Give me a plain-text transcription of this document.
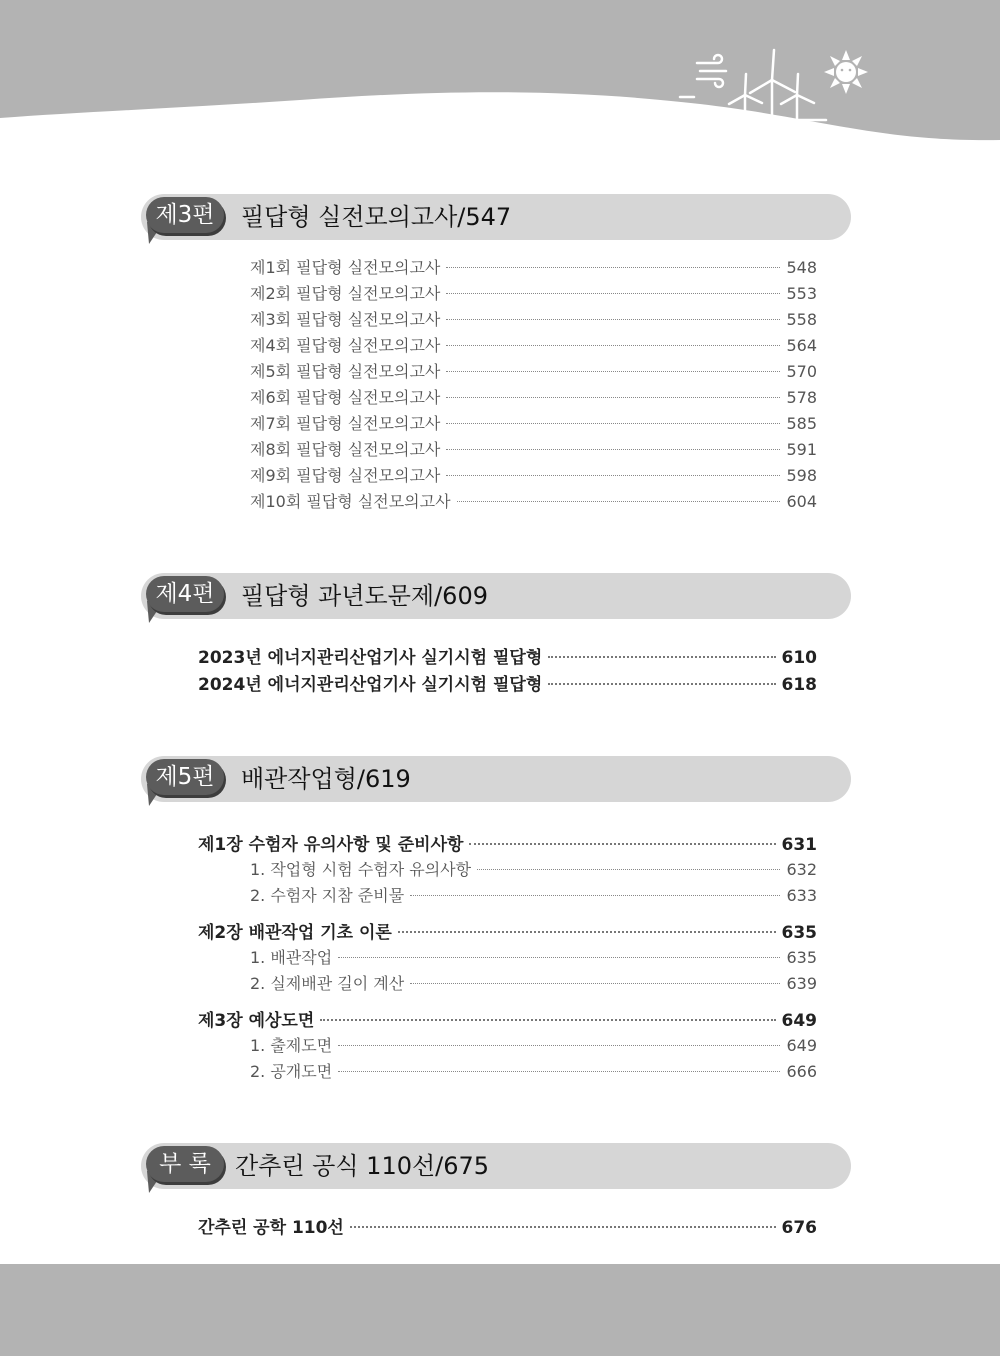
제3편	필답형 실전모의고사/547
제1회 필답형 실전모의고사	548
제2회 필답형 실전모의고사	553
제3회 필답형 실전모의고사	558
제4회 필답형 실전모의고사	564
제5회 필답형 실전모의고사	570
제6회 필답형 실전모의고사	578
제7회 필답형 실전모의고사	585
제8회 필답형 실전모의고사	591
제9회 필답형 실전모의고사	598
제10회 필답형 실전모의고사	604
제4편	필답형 과년도문제/609
2023년 에너지관리산업기사 실기시험 필답형	610
2024년 에너지관리산업기사 실기시험 필답형	618
제5편	배관작업형/619
제1장 수험자 유의사항 및 준비사항	631
1. 작업형 시험 수험자 유의사항	632
2. 수험자 지참 준비물	633
제2장 배관작업 기초 이론	635
1. 배관작업	635
2. 실제배관 길이 계산	639
제3장 예상도면	649
1. 출제도면	649
2. 공개도면	666
부 록	간추린 공식 110선/675
간추린 공학 110선	676
